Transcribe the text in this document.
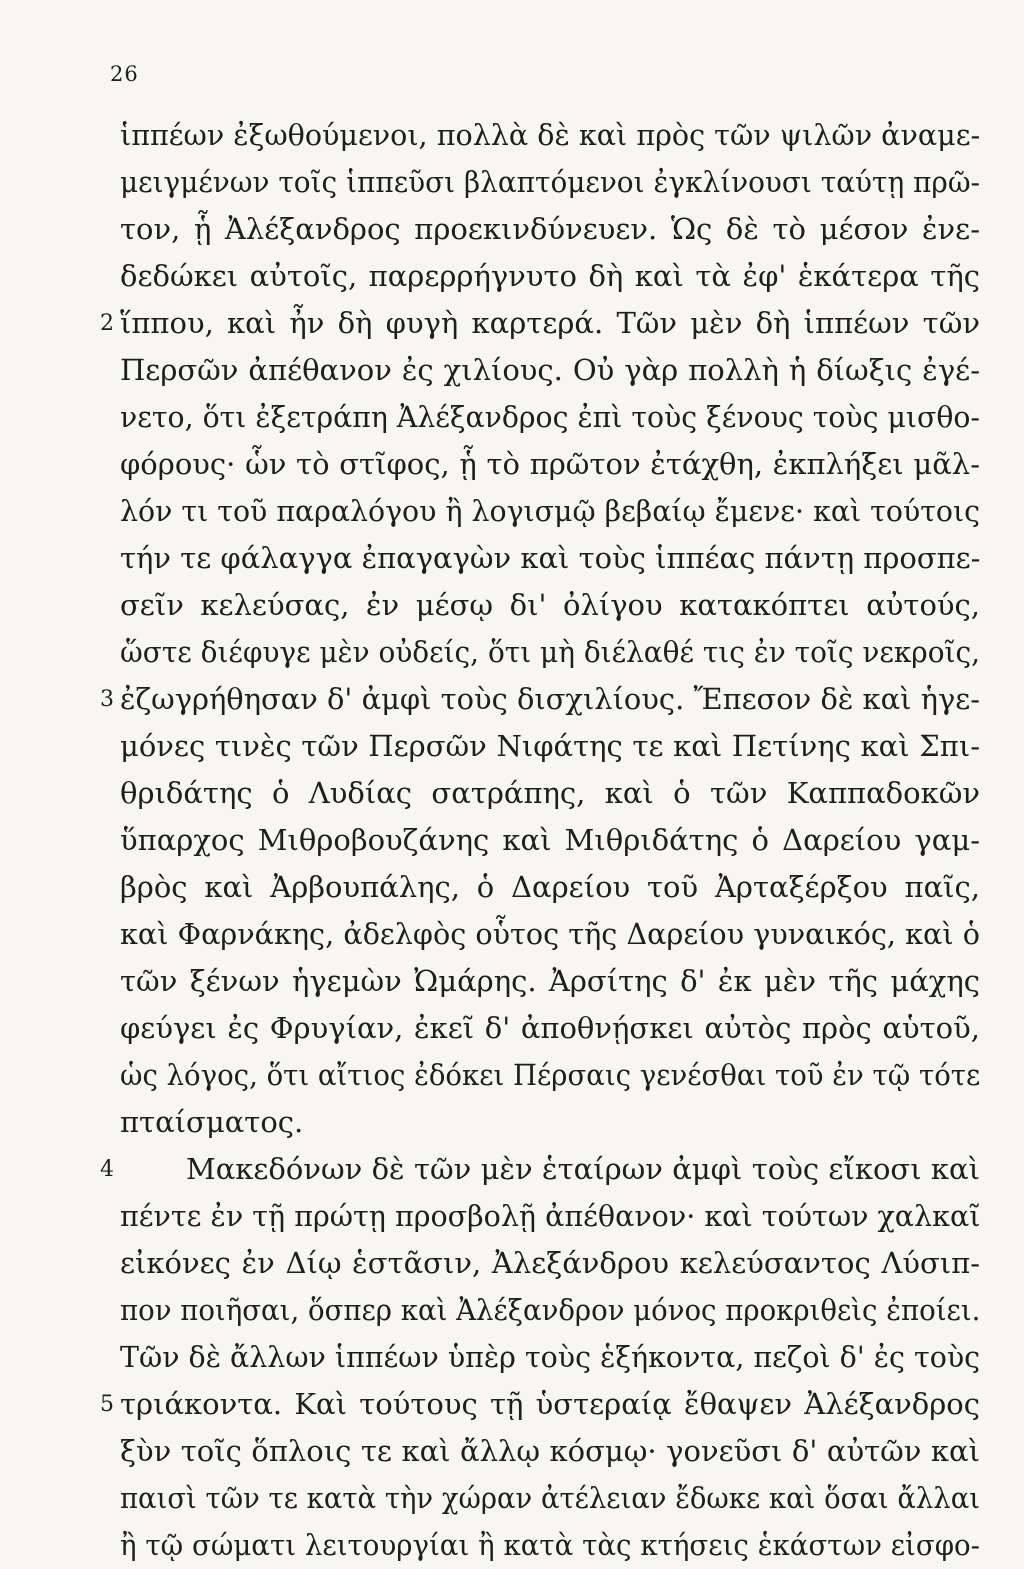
26
ἱππέων ἐξωθούμενοι, πολλὰ δὲ καὶ πρὸς τῶν ψιλῶν ἀναμε-
μειγμένων τοῖς ἱππεῦσι βλαπτόμενοι ἐγκλίνουσι ταύτῃ πρῶ-
τον, ᾗ Ἀλέξανδρος προεκινδύνευεν. Ὡς δὲ τὸ μέσον ἐνε-
δεδώκει αὐτοῖς, παρερρήγνυτο δὴ καὶ τὰ ἐφ' ἑκάτερα τῆς
2 ἵππου, καὶ ἦν δὴ φυγὴ καρτερά. Τῶν μὲν δὴ ἱππέων τῶν
Περσῶν ἀπέθανον ἐς χιλίους. Οὐ γὰρ πολλὴ ἡ δίωξις ἐγέ-
νετο, ὅτι ἐξετράπη Ἀλέξανδρος ἐπὶ τοὺς ξένους τοὺς μισθο-
φόρους· ὧν τὸ στῖφος, ᾗ τὸ πρῶτον ἐτάχθη, ἐκπλήξει μᾶλ-
λόν τι τοῦ παραλόγου ἢ λογισμῷ βεβαίῳ ἔμενε· καὶ τούτοις
τήν τε φάλαγγα ἐπαγαγὼν καὶ τοὺς ἱππέας πάντῃ προσπε-
σεῖν κελεύσας, ἐν μέσῳ δι' ὀλίγου κατακόπτει αὐτούς,
ὥστε διέφυγε μὲν οὐδείς, ὅτι μὴ διέλαθέ τις ἐν τοῖς νεκροῖς,
3 ἐζωγρήθησαν δ' ἀμφὶ τοὺς δισχιλίους. Ἔπεσον δὲ καὶ ἡγε-
μόνες τινὲς τῶν Περσῶν Νιφάτης τε καὶ Πετίνης καὶ Σπι-
θριδάτης ὁ Λυδίας σατράπης, καὶ ὁ τῶν Καππαδοκῶν
ὕπαρχος Μιθροβουζάνης καὶ Μιθριδάτης ὁ Δαρείου γαμ-
βρὸς καὶ Ἀρβουπάλης, ὁ Δαρείου τοῦ Ἀρταξέρξου παῖς,
καὶ Φαρνάκης, ἀδελφὸς οὗτος τῆς Δαρείου γυναικός, καὶ ὁ
τῶν ξένων ἡγεμὼν Ὠμάρης. Ἀρσίτης δ' ἐκ μὲν τῆς μάχης
φεύγει ἐς Φρυγίαν, ἐκεῖ δ' ἀποθνῄσκει αὐτὸς πρὸς αὑτοῦ,
ὡς λόγος, ὅτι αἴτιος ἐδόκει Πέρσαις γενέσθαι τοῦ ἐν τῷ τότε
πταίσματος.
4	Μακεδόνων δὲ τῶν μὲν ἑταίρων ἀμφὶ τοὺς εἴκοσι καὶ
πέντε ἐν τῇ πρώτῃ προσβολῇ ἀπέθανον· καὶ τούτων χαλκαῖ
εἰκόνες ἐν Δίῳ ἑστᾶσιν, Ἀλεξάνδρου κελεύσαντος Λύσιπ-
πον ποιῆσαι, ὅσπερ καὶ Ἀλέξανδρον μόνος προκριθεὶς ἐποίει.
Τῶν δὲ ἄλλων ἱππέων ὑπὲρ τοὺς ἑξήκοντα, πεζοὶ δ' ἐς τοὺς
5 τριάκοντα. Καὶ τούτους τῇ ὑστεραίᾳ ἔθαψεν Ἀλέξανδρος
ξὺν τοῖς ὅπλοις τε καὶ ἄλλῳ κόσμῳ· γονεῦσι δ' αὐτῶν καὶ
παισὶ τῶν τε κατὰ τὴν χώραν ἀτέλειαν ἔδωκε καὶ ὅσαι ἄλλαι
ἢ τῷ σώματι λειτουργίαι ἢ κατὰ τὰς κτήσεις ἑκάστων εἰσφο-
